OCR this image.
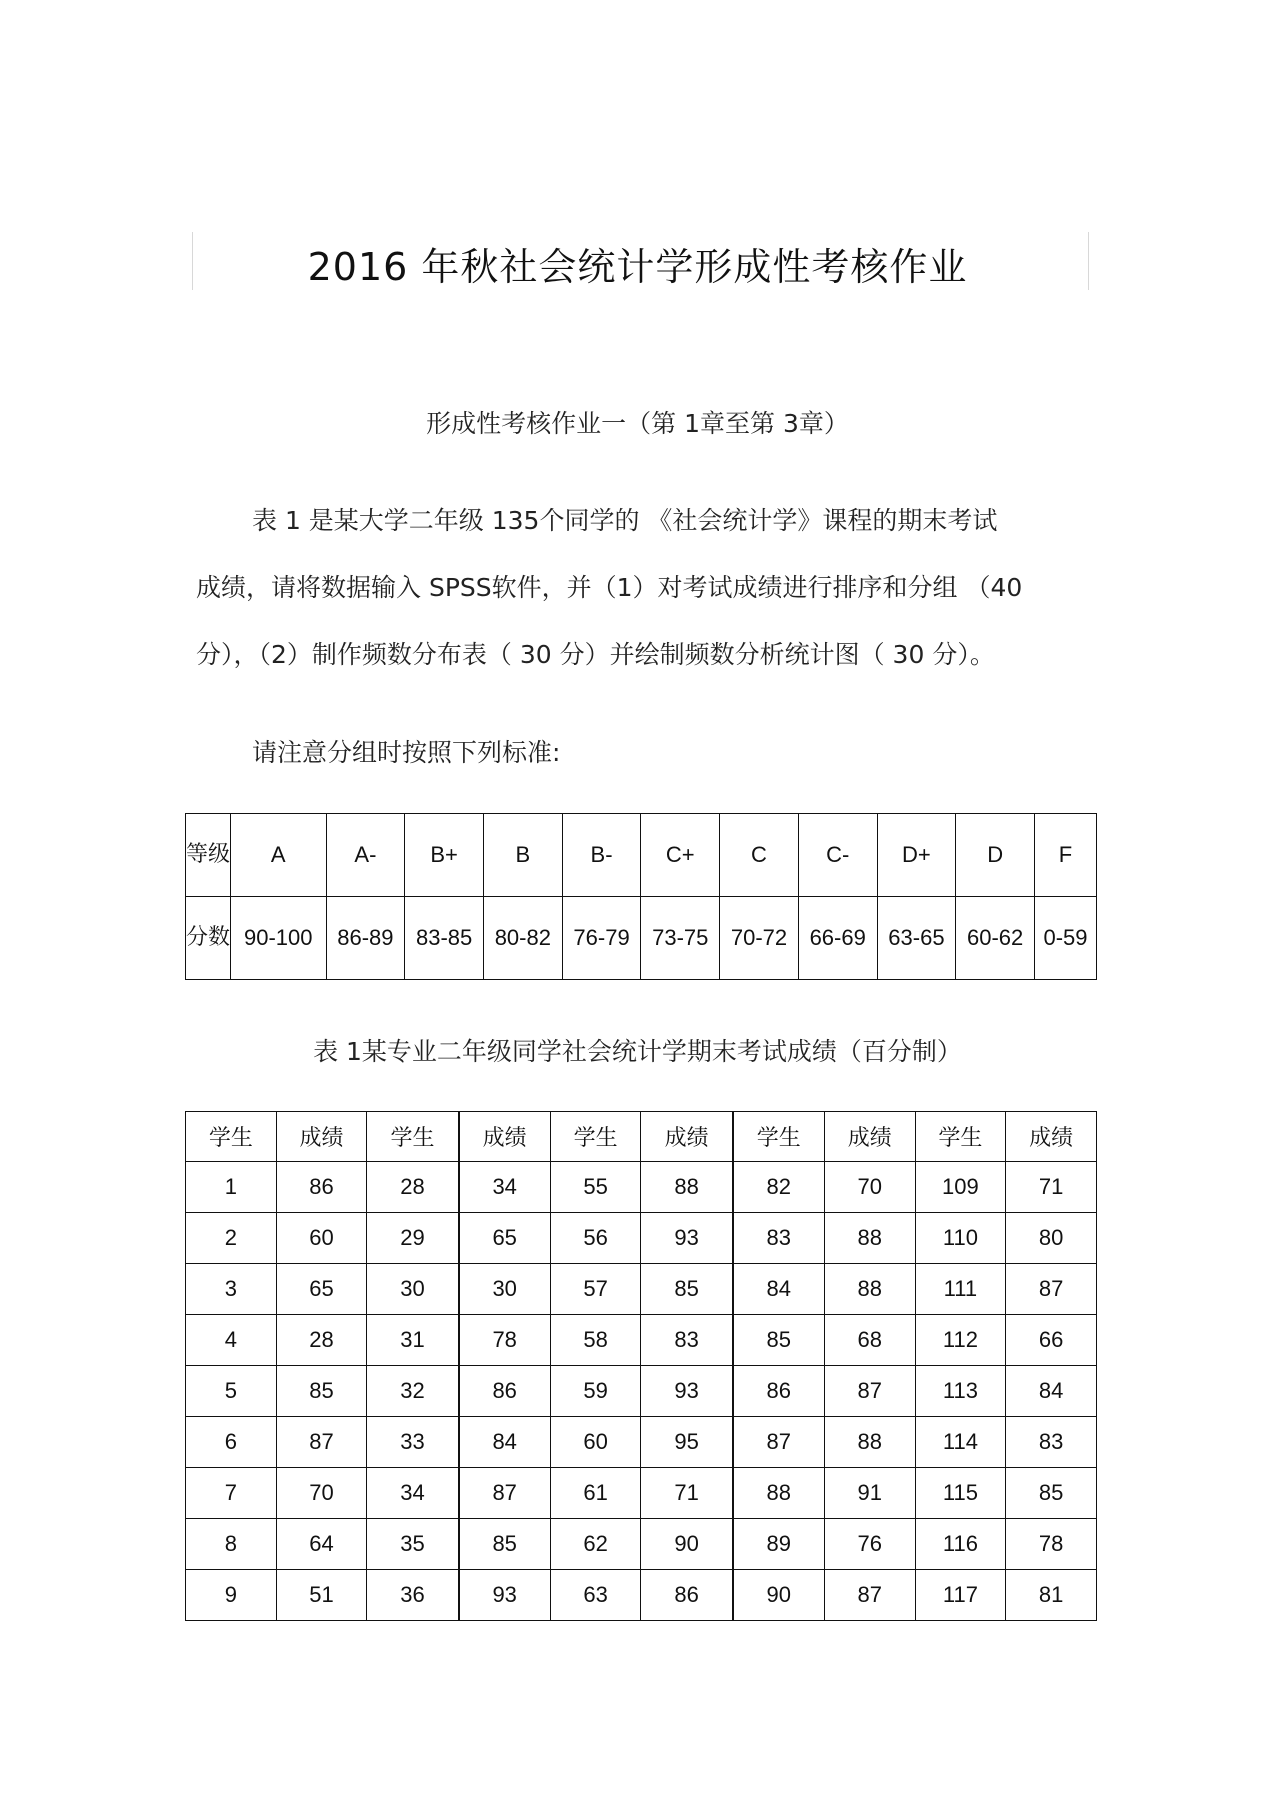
2016 年秋社会统计学形成性考核作业
形成性考核作业一（第 1章至第 3章）
表 1 是某大学二年级 135个同学的 《社会统计学》课程的期末考试
成绩，请将数据输入 SPSS软件，并（1）对考试成绩进行排序和分组 （40
分），（2）制作频数分布表（ 30 分）并绘制频数分析统计图（ 30 分）。
请注意分组时按照下列标准:
等级	A	A-	B+	B	B-	C+	C	C-	D+	D	F
分数	90-100	86-89	83-85	80-82	76-79	73-75	70-72	66-69	63-65	60-62	0-59
表 1某专业二年级同学社会统计学期末考试成绩（百分制）
学生	成绩	学生	成绩	学生	成绩	学生	成绩	学生	成绩
1	86	28	34	55	88	82	70	109	71
2	60	29	65	56	93	83	88	110	80
3	65	30	30	57	85	84	88	111	87
4	28	31	78	58	83	85	68	112	66
5	85	32	86	59	93	86	87	113	84
6	87	33	84	60	95	87	88	114	83
7	70	34	87	61	71	88	91	115	85
8	64	35	85	62	90	89	76	116	78
9	51	36	93	63	86	90	87	117	81
